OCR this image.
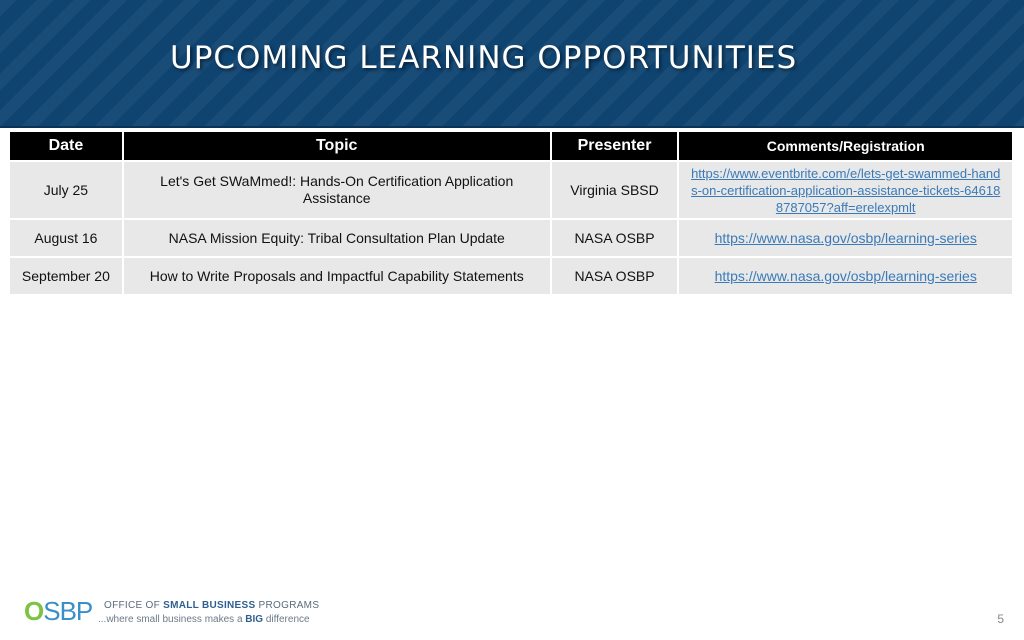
UPCOMING LEARNING OPPORTUNITIES
Date	Topic	Presenter	Comments/Registration
July 25	Let's Get SWaMmed!: Hands-On Certification Application Assistance	Virginia SBSD	https://www.eventbrite.com/e/lets-get-swammed-hands-on-certification-application-assistance-tickets-646188787057?aff=erelexpmlt
August 16	NASA Mission Equity: Tribal Consultation Plan Update	NASA OSBP	https://www.nasa.gov/osbp/learning-series
September 20	How to Write Proposals and Impactful Capability Statements	NASA OSBP	https://www.nasa.gov/osbp/learning-series
OSBP OFFICE OF SMALL BUSINESS PROGRAMS
...where small business makes a BIG difference	5
